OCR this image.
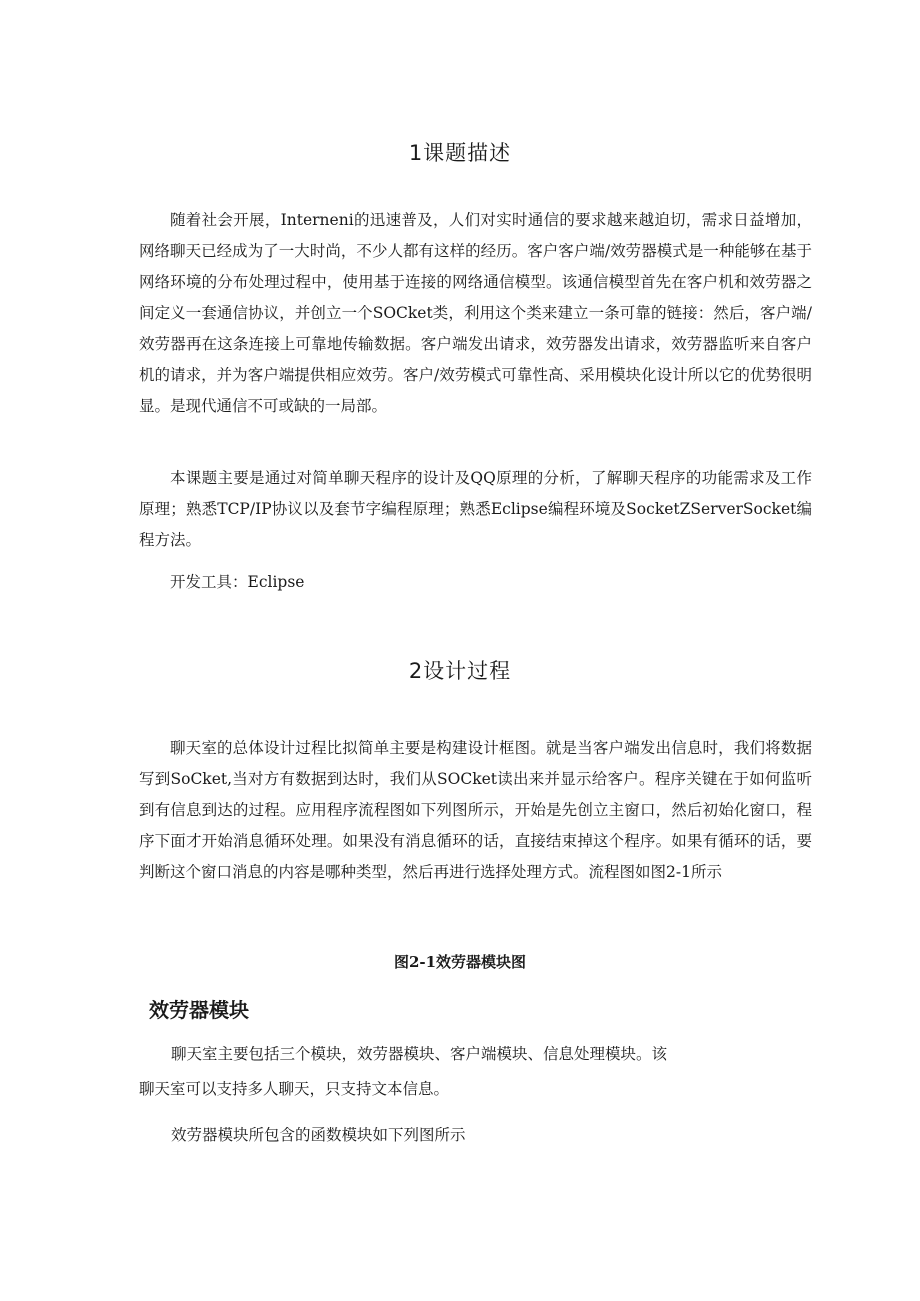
1课题描述

随着社会开展，Interneni的迅速普及，人们对实时通信的要求越来越迫切，需求日益增加，网络聊天已经成为了一大时尚，不少人都有这样的经历。客户客户端/效劳器模式是一种能够在基于网络环境的分布处理过程中，使用基于连接的网络通信模型。该通信模型首先在客户机和效劳器之间定义一套通信协议，并创立一个SOCket类，利用这个类来建立一条可靠的链接：然后，客户端/效劳器再在这条连接上可靠地传输数据。客户端发出请求，效劳器发出请求，效劳器监听来自客户机的请求，并为客户端提供相应效劳。客户/效劳模式可靠性高、采用模块化设计所以它的优势很明显。是现代通信不可或缺的一局部。

本课题主要是通过对简单聊天程序的设计及QQ原理的分析，了解聊天程序的功能需求及工作原理；熟悉TCP/IP协议以及套节字编程原理；熟悉Eclipse编程环境及SocketZServerSocket编程方法。

开发工具：Eclipse

2设计过程

聊天室的总体设计过程比拟简单主要是构建设计框图。就是当客户端发出信息时，我们将数据写到SoCket,当对方有数据到达时，我们从SOCket读出来并显示给客户。程序关键在于如何监听到有信息到达的过程。应用程序流程图如下列图所示，开始是先创立主窗口，然后初始化窗口，程序下面才开始消息循环处理。如果没有消息循环的话，直接结束掉这个程序。如果有循环的话，要判断这个窗口消息的内容是哪种类型，然后再进行选择处理方式。流程图如图2-1所示

图2-1效劳器模块图

效劳器模块

聊天室主要包括三个模块，效劳器模块、客户端模块、信息处理模块。该

聊天室可以支持多人聊天，只支持文本信息。

效劳器模块所包含的函数模块如下列图所示
